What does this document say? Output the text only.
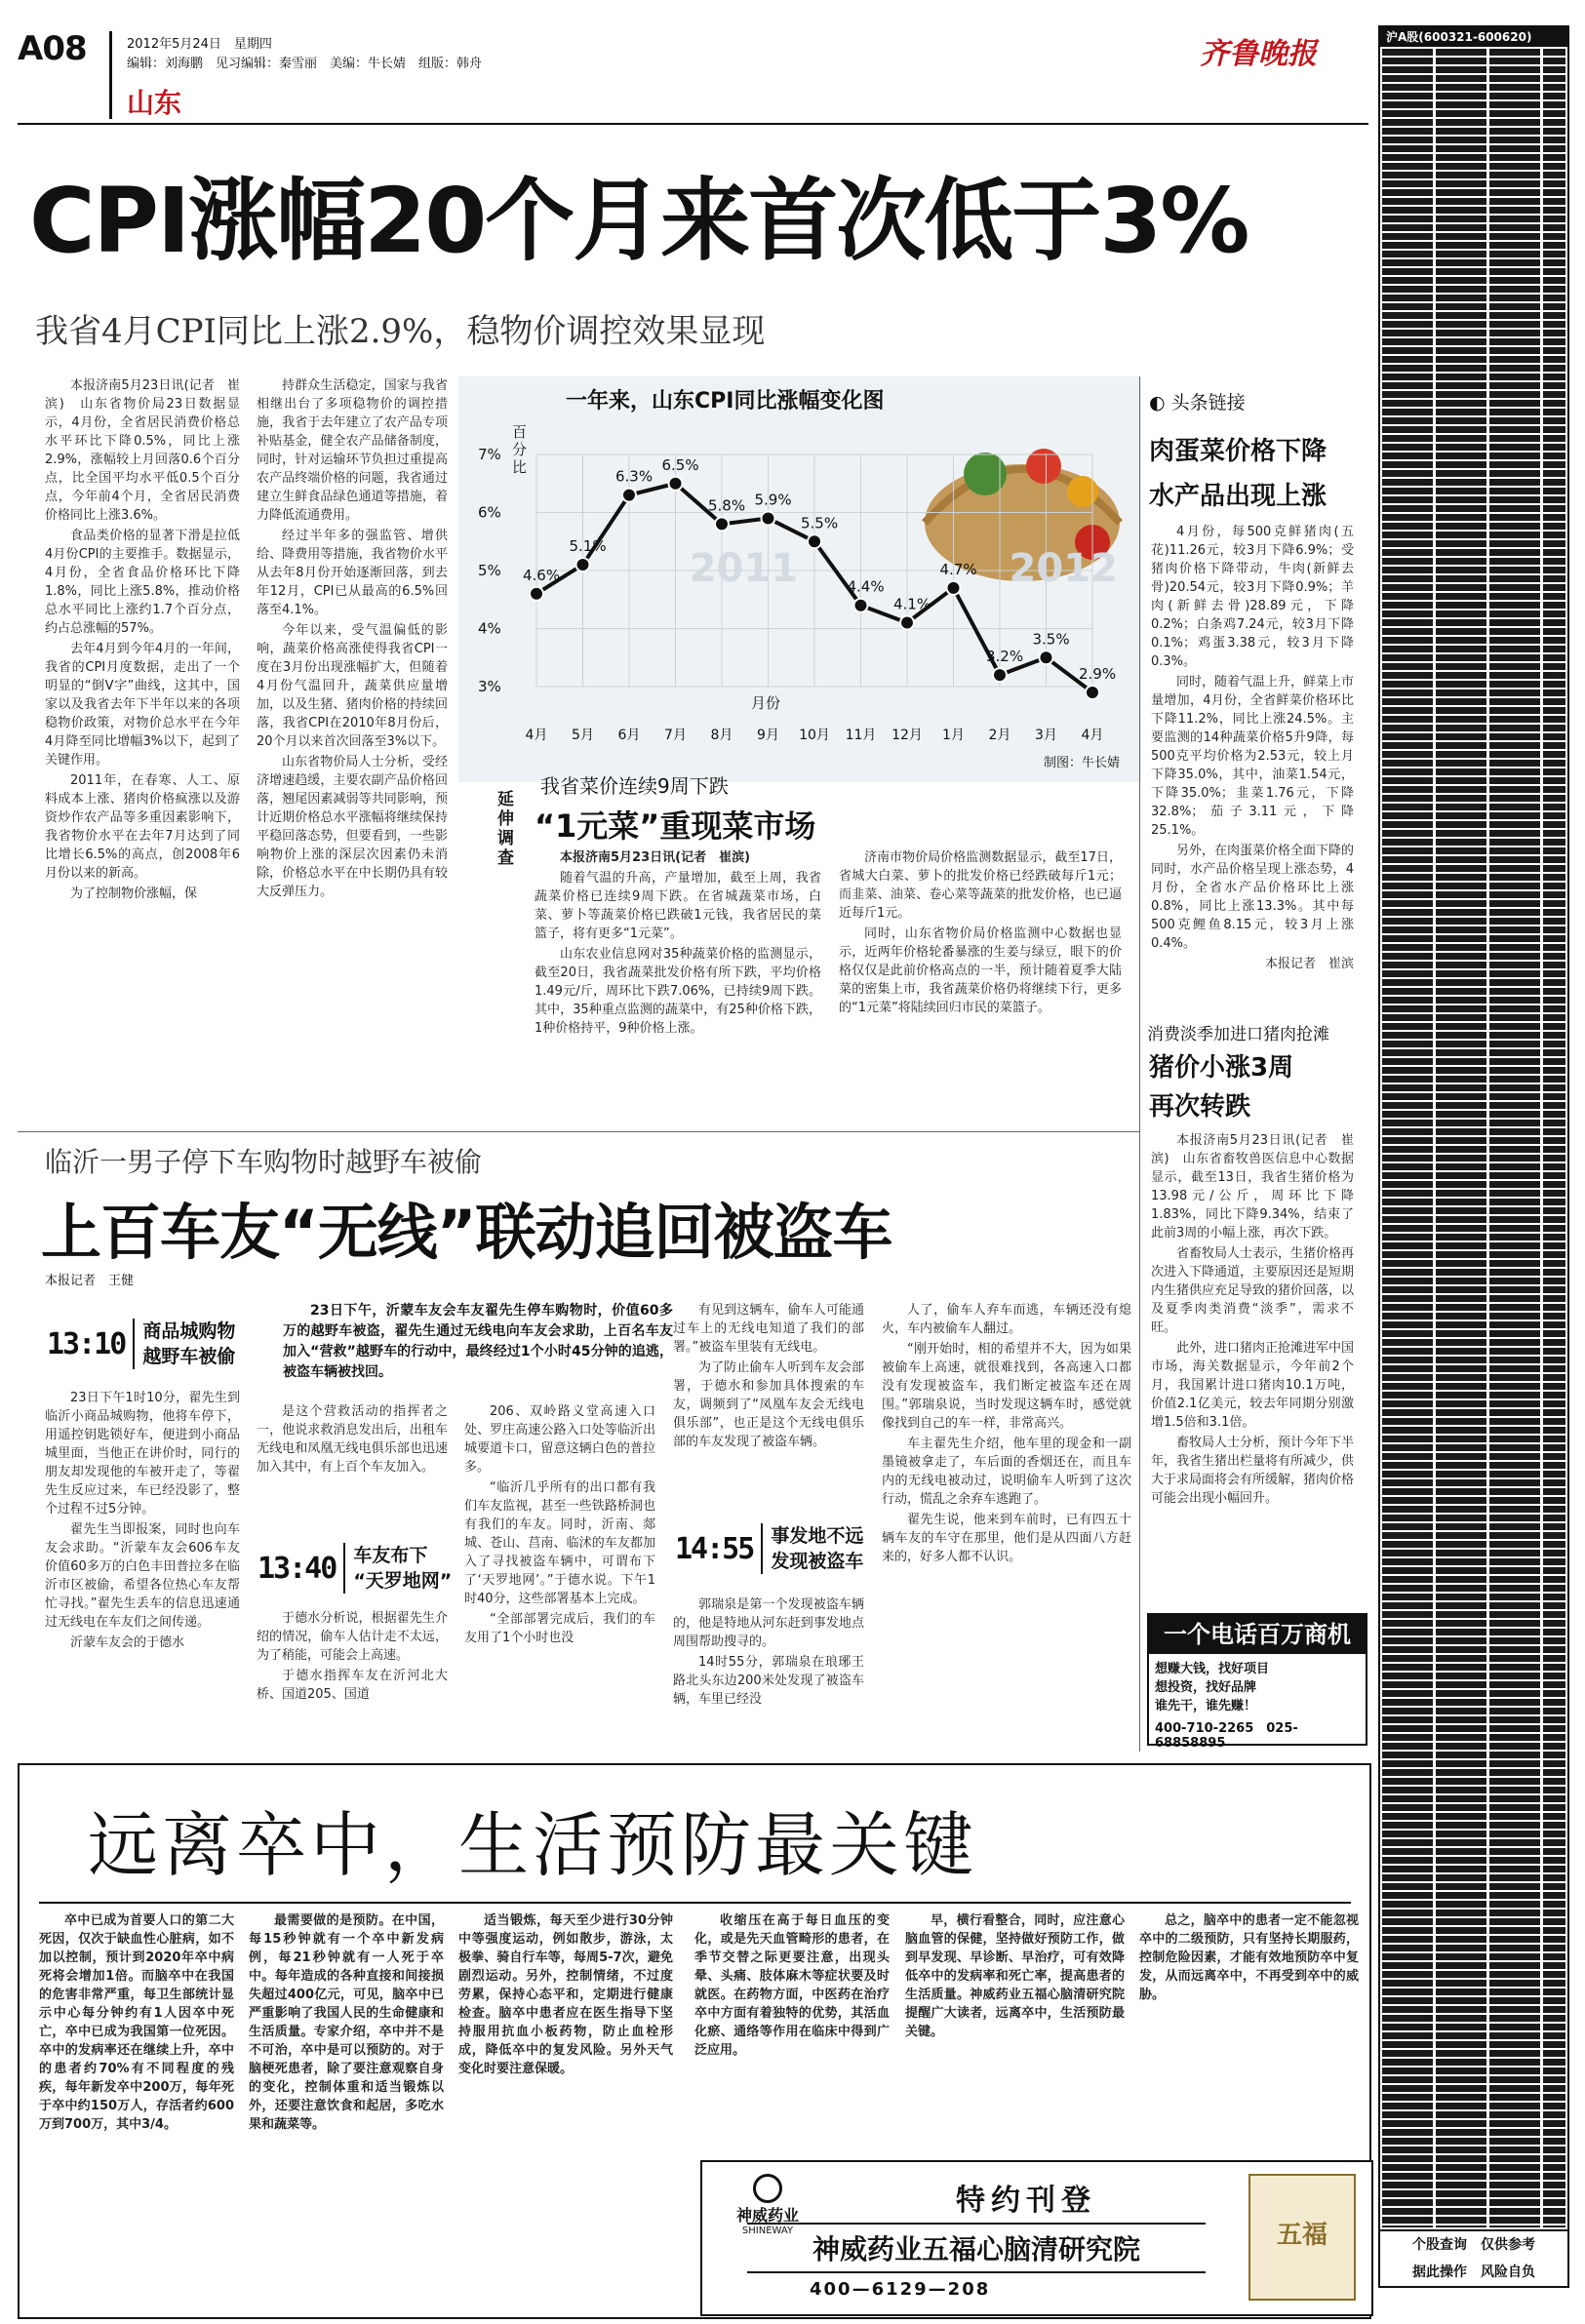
A08	2012年5月24日　星期四
编辑：刘海鹏　见习编辑：秦雪丽　美编：牛长婧　组版：韩舟
山东
齐鲁晚报	沪A股(600321-600620)
个股查询　仅供参考
据此操作　风险自负
CPI涨幅20个月来首次低于3%
我省4月CPI同比上涨2.9%，稳物价调控效果显现

本报济南5月23日讯(记者　崔滨)　山东省物价局23日数据显示，4月份，全省居民消费价格总水平环比下降0.5%，同比上涨2.9%，涨幅较上月回落0.6个百分点，比全国平均水平低0.5个百分点，今年前4个月，全省居民消费价格同比上涨3.6%。

食品类价格的显著下滑是拉低4月份CPI的主要推手。数据显示，4月份，全省食品价格环比下降1.8%，同比上涨5.8%，推动价格总水平同比上涨约1.7个百分点，约占总涨幅的57%。

去年4月到今年4月的一年间，我省的CPI月度数据，走出了一个明显的“倒V字”曲线，这其中，国家以及我省去年下半年以来的各项稳物价政策，对物价总水平在今年4月降至同比增幅3%以下，起到了关键作用。

2011年，在春寒、人工、原料成本上涨、猪肉价格疯涨以及游资炒作农产品等多重因素影响下，我省物价水平在去年7月达到了同比增长6.5%的高点，创2008年6月份以来的新高。

为了控制物价涨幅，保

持群众生活稳定，国家与我省相继出台了多项稳物价的调控措施，我省于去年建立了农产品专项补贴基金，健全农产品储备制度，同时，针对运输环节负担过重提高农产品终端价格的问题，我省通过建立生鲜食品绿色通道等措施，着力降低流通费用。

经过半年多的强监管、增供给、降费用等措施，我省物价水平从去年8月份开始逐渐回落，到去年12月，CPI已从最高的6.5%回落至4.1%。

今年以来，受气温偏低的影响，蔬菜价格高涨使得我省CPI一度在3月份出现涨幅扩大，但随着4月份气温回升，蔬菜供应量增加，以及生猪、猪肉价格的持续回落，我省CPI在2010年8月份后，20个月以来首次回落至3%以下。

山东省物价局人士分析，受经济增速趋缓，主要农副产品价格回落，翘尾因素减弱等共同影响，预计近期价格总水平涨幅将继续保持平稳回落态势，但要看到，一些影响物价上涨的深层次因素仍未消除，价格总水平在中长期仍具有较大反弹压力。

一年来，山东CPI同比涨幅变化图
百分比
7%
6%
5%
4%
3%
2011	2012
4.6%
5.1%
6.3%
6.5%
5.8% 5.9%
5.5%
4.4%
4.1%
4.7%
3.2%
3.5%
2.9%
4月 5月 6月 7月 8月 9月 10月 11月 12月 1月 2月 3月 4月
月份
制图：牛长婧
延伸调查
我省菜价连续9周下跌
“1元菜”重现菜市场

本报济南5月23日讯(记者　崔滨)

随着气温的升高，产量增加，截至上周，我省蔬菜价格已连续9周下跌。在省城蔬菜市场，白菜、萝卜等蔬菜价格已跌破1元钱，我省居民的菜篮子，将有更多“1元菜”。

山东农业信息网对35种蔬菜价格的监测显示，截至20日，我省蔬菜批发价格有所下跌，平均价格1.49元/斤，周环比下跌7.06%，已持续9周下跌。其中，35种重点监测的蔬菜中，有25种价格下跌，1种价格持平，9种价格上涨。

济南市物价局价格监测数据显示，截至17日，省城大白菜、萝卜的批发价格已经跌破每斤1元；而韭菜、油菜、卷心菜等蔬菜的批发价格，也已逼近每斤1元。

同时，山东省物价局价格监测中心数据也显示，近两年价格轮番暴涨的生姜与绿豆，眼下的价格仅仅是此前价格高点的一半，预计随着夏季大陆菜的密集上市，我省蔬菜价格仍将继续下行，更多的“1元菜”将陆续回归市民的菜篮子。

◐ 头条链接
肉蛋菜价格下降
水产品出现上涨

4月份，每500克鲜猪肉(五花)11.26元，较3月下降6.9%；受猪肉价格下降带动，牛肉(新鲜去骨)20.54元，较3月下降0.9%；羊肉(新鲜去骨)28.89元，下降0.2%；白条鸡7.24元，较3月下降0.1%；鸡蛋3.38元，较3月下降0.3%。

同时，随着气温上升，鲜菜上市量增加，4月份，全省鲜菜价格环比下降11.2%，同比上涨24.5%。主要监测的14种蔬菜价格5升9降，每500克平均价格为2.53元，较上月下降35.0%，其中，油菜1.54元，下降35.0%；韭菜1.76元，下降32.8%；茄子3.11元，下降25.1%。

另外，在肉蛋菜价格全面下降的同时，水产品价格呈现上涨态势，4月份，全省水产品价格环比上涨0.8%，同比上涨13.3%。其中每500克鲤鱼8.15元，较3月上涨0.4%。

本报记者　崔滨

消费淡季加进口猪肉抢滩
猪价小涨3周
再次转跌

本报济南5月23日讯(记者　崔滨)　山东省畜牧兽医信息中心数据显示，截至13日，我省生猪价格为13.98元/公斤，周环比下降1.83%，同比下降9.34%，结束了此前3周的小幅上涨，再次下跌。

省畜牧局人士表示，生猪价格再次进入下降通道，主要原因还是短期内生猪供应充足导致的猪价回落，以及夏季肉类消费“淡季”，需求不旺。

此外，进口猪肉正抢滩进军中国市场，海关数据显示，今年前2个月，我国累计进口猪肉10.1万吨，价值2.1亿美元，较去年同期分别激增1.5倍和3.1倍。

畜牧局人士分析，预计今年下半年，我省生猪出栏量将有所减少，供大于求局面将会有所缓解，猪肉价格可能会出现小幅回升。

一个电话百万商机
想赚大钱，找好项目
想投资，找好品牌
谁先干，谁先赚！
400-710-2265　025-68858895
临沂一男子停下车购物时越野车被偷
上百车友“无线”联动追回被盗车
本报记者　王健
23日下午，沂蒙车友会车友翟先生停车购物时，价值60多万的越野车被盗，翟先生通过无线电向车友会求助，上百名车友加入“营救”越野车的行动中，最终经过1个小时45分钟的追逃，被盗车辆被找回。
13:10 商品城购物
越野车被偷

23日下午1时10分，翟先生到临沂小商品城购物，他将车停下，用遥控钥匙锁好车，便进到小商品城里面，当他正在讲价时，同行的朋友却发现他的车被开走了，等翟先生反应过来，车已经没影了，整个过程不过5分钟。

翟先生当即报案，同时也向车友会求助。“沂蒙车友会606车友价值60多万的白色丰田普拉多在临沂市区被偷，希望各位热心车友帮忙寻找。”翟先生丢车的信息迅速通过无线电在车友们之间传递。

沂蒙车友会的于德水

是这个营救活动的指挥者之一，他说求救消息发出后，出租车无线电和凤凰无线电俱乐部也迅速加入其中，有上百个车友加入。

13:40 车友布下
“天罗地网”

于德水分析说，根据翟先生介绍的情况，偷车人估计走不太远，为了稍能，可能会上高速。

于德水指挥车友在沂河北大桥、国道205、国道

206、双岭路义堂高速入口处、罗庄高速公路入口处等临沂出城要道卡口，留意这辆白色的普拉多。

“临沂几乎所有的出口都有我们车友监视，甚至一些铁路桥洞也有我们的车友。同时，沂南、郯城、苍山、莒南、临沭的车友都加入了寻找被盗车辆中，可谓布下了‘天罗地网’。”于德水说。下午1时40分，这些部署基本上完成。

“全部部署完成后，我们的车友用了1个小时也没

有见到这辆车，偷车人可能通过车上的无线电知道了我们的部署。”被盗车里装有无线电。

为了防止偷车人听到车友会部署，于德水和参加具体搜索的车友，调频到了“凤凰车友会无线电俱乐部”，也正是这个无线电俱乐部的车友发现了被盗车辆。

14:55 事发地不远
发现被盗车

郭瑞泉是第一个发现被盗车辆的，他是特地从河东赶到事发地点周围帮助搜寻的。

14时55分，郭瑞泉在琅琊王路北头东边200米处发现了被盗车辆，车里已经没

人了，偷车人弃车而逃，车辆还没有熄火，车内被偷车人翻过。

“刚开始时，相的希望并不大，因为如果被偷车上高速，就很难找到，各高速入口都没有发现被盗车，我们断定被盗车还在周围。”郭瑞泉说，当时发现这辆车时，感觉就像找到自己的车一样，非常高兴。

车主翟先生介绍，他车里的现金和一副墨镜被拿走了，车后面的香烟还在，而且车内的无线电被动过，说明偷车人听到了这次行动，慌乱之余弃车逃跑了。

翟先生说，他来到车前时，已有四五十辆车友的车守在那里，他们是从四面八方赶来的，好多人都不认识。

远离卒中，生活预防最关键

卒中已成为首要人口的第二大死因，仅次于缺血性心脏病，如不加以控制，预计到2020年卒中病死将会增加1倍。而脑卒中在我国的危害非常严重，每卫生部统计显示中心每分钟约有1人因卒中死亡，卒中已成为我国第一位死因。卒中的发病率还在继续上升，卒中的患者约70%有不同程度的残疾，每年新发卒中200万，每年死于卒中约150万人，存活者约600万到700万，其中3/4。

最需要做的是预防。在中国，每15秒钟就有一个卒中新发病例，每21秒钟就有一人死于卒中。每年造成的各种直接和间接损失超过400亿元，可见，脑卒中已严重影响了我国人民的生命健康和生活质量。专家介绍，卒中并不是不可治，卒中是可以预防的。对于脑梗死患者，除了要注意观察自身的变化，控制体重和适当锻炼以外，还要注意饮食和起居，多吃水果和蔬菜等。

适当锻炼，每天至少进行30分钟中等强度运动，例如散步，游泳，太极拳、骑自行车等，每周5-7次，避免剧烈运动。另外，控制情绪，不过度劳累，保持心态平和，定期进行健康检查。脑卒中患者应在医生指导下坚持服用抗血小板药物，防止血栓形成，降低卒中的复发风险。另外天气变化时要注意保暖。

收缩压在高于每日血压的变化，或是先天血管畸形的患者，在季节交替之际更要注意，出现头晕、头痛、肢体麻木等症状要及时就医。在药物方面，中医药在治疗卒中方面有着独特的优势，其活血化瘀、通络等作用在临床中得到广泛应用。

早，横行看整合，同时，应注意心脑血管的保健，坚持做好预防工作，做到早发现、早诊断、早治疗，可有效降低卒中的发病率和死亡率，提高患者的生活质量。神威药业五福心脑清研究院提醒广大读者，远离卒中，生活预防最关键。

总之，脑卒中的患者一定不能忽视卒中的二级预防，只有坚持长期服药，控制危险因素，才能有效地预防卒中复发，从而远离卒中，不再受到卒中的威胁。

神威药业
SHINEWAY
特约刊登
神威药业五福心脑清研究院
400—6129—208
五福
